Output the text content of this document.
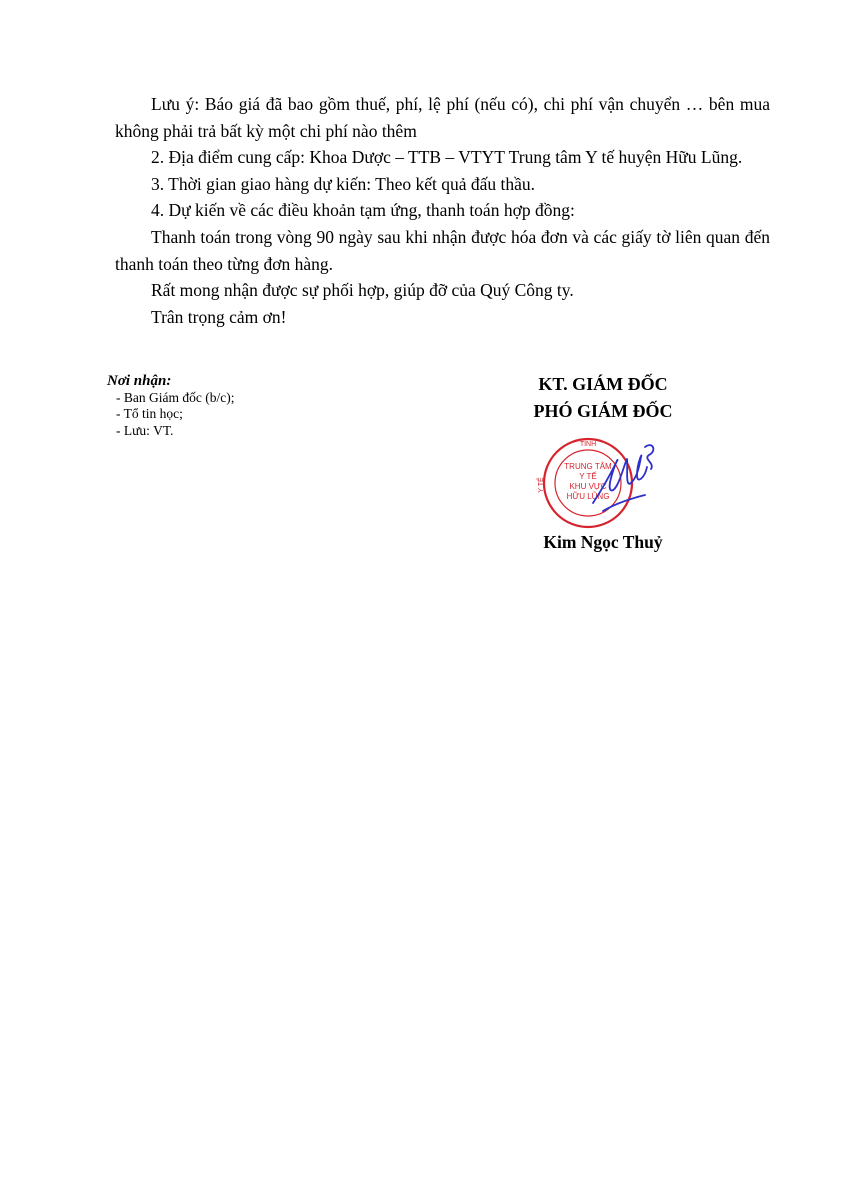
Lưu ý: Báo giá đã bao gồm thuế, phí, lệ phí (nếu có), chi phí vận chuyển … bên mua không phải trả bất kỳ một chi phí nào thêm

2. Địa điểm cung cấp: Khoa Dược – TTB – VTYT Trung tâm Y tế huyện Hữu Lũng.

3. Thời gian giao hàng dự kiến: Theo kết quả đấu thầu.

4. Dự kiến về các điều khoản tạm ứng, thanh toán hợp đồng:

Thanh toán trong vòng 90 ngày sau khi nhận được hóa đơn và các giấy tờ liên quan đến thanh toán theo từng đơn hàng.

Rất mong nhận được sự phối hợp, giúp đỡ của Quý Công ty.

Trân trọng cảm ơn!

Nơi nhận:
- Ban Giám đốc (b/c);
- Tổ tin học;
- Lưu: VT.
KT. GIÁM ĐỐC
PHÓ GIÁM ĐỐC
TỈNH
Y TẾ
TRUNG TÂM
Y TẾ
KHU VỰC
HỮU LŨNG
Kim Ngọc Thuỷ
